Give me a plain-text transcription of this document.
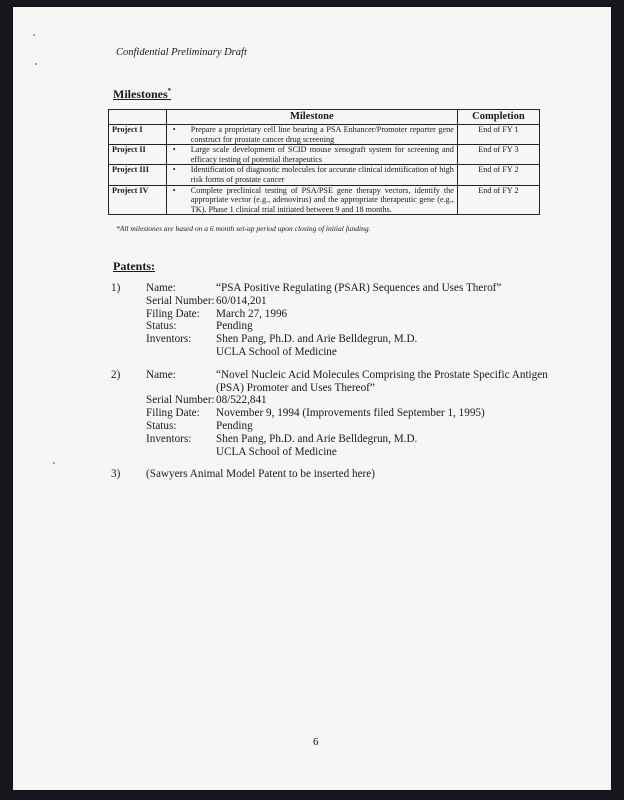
Confidential Preliminary Draft
Milestones*
	Milestone	Completion
Project I	• Prepare a proprietary cell line bearing a PSA Enhancer/Promoter reporter gene construct for prostate cancer drug screening	End of FY 1
Project II	• Large scale development of SCID mouse xenograft system for screening and efficacy testing of potential therapeutics	End of FY 3
Project III	• Identification of diagnostic molecules for accurate clinical identification of high risk forms of prostate cancer	End of FY 2
Project IV	• Complete preclinical testing of PSA/PSE gene therapy vectors, identify the appropriate vector (e.g., adenovirus) and the appropriate therapeutic gene (e.g., TK). Phase 1 clinical trial initiated between 9 and 18 months.	End of FY 2
*All milestones are based on a 6 month set-up period upon closing of initial funding.
Patents:
1) Name:	“PSA Positive Regulating (PSAR) Sequences and Uses Therof”
Serial Number: 60/014,201
Filing Date:	March 27, 1996
Status:	Pending
Inventors:	Shen Pang, Ph.D. and Arie Belldegrun, M.D.
UCLA School of Medicine
2) Name:	“Novel Nucleic Acid Molecules Comprising the Prostate Specific Antigen (PSA) Promoter and Uses Thereof”
Serial Number: 08/522,841
Filing Date:	November 9, 1994 (Improvements filed September 1, 1995)
Status:	Pending
Inventors:	Shen Pang, Ph.D. and Arie Belldegrun, M.D.
UCLA School of Medicine
3) (Sawyers Animal Model Patent to be inserted here)
6
